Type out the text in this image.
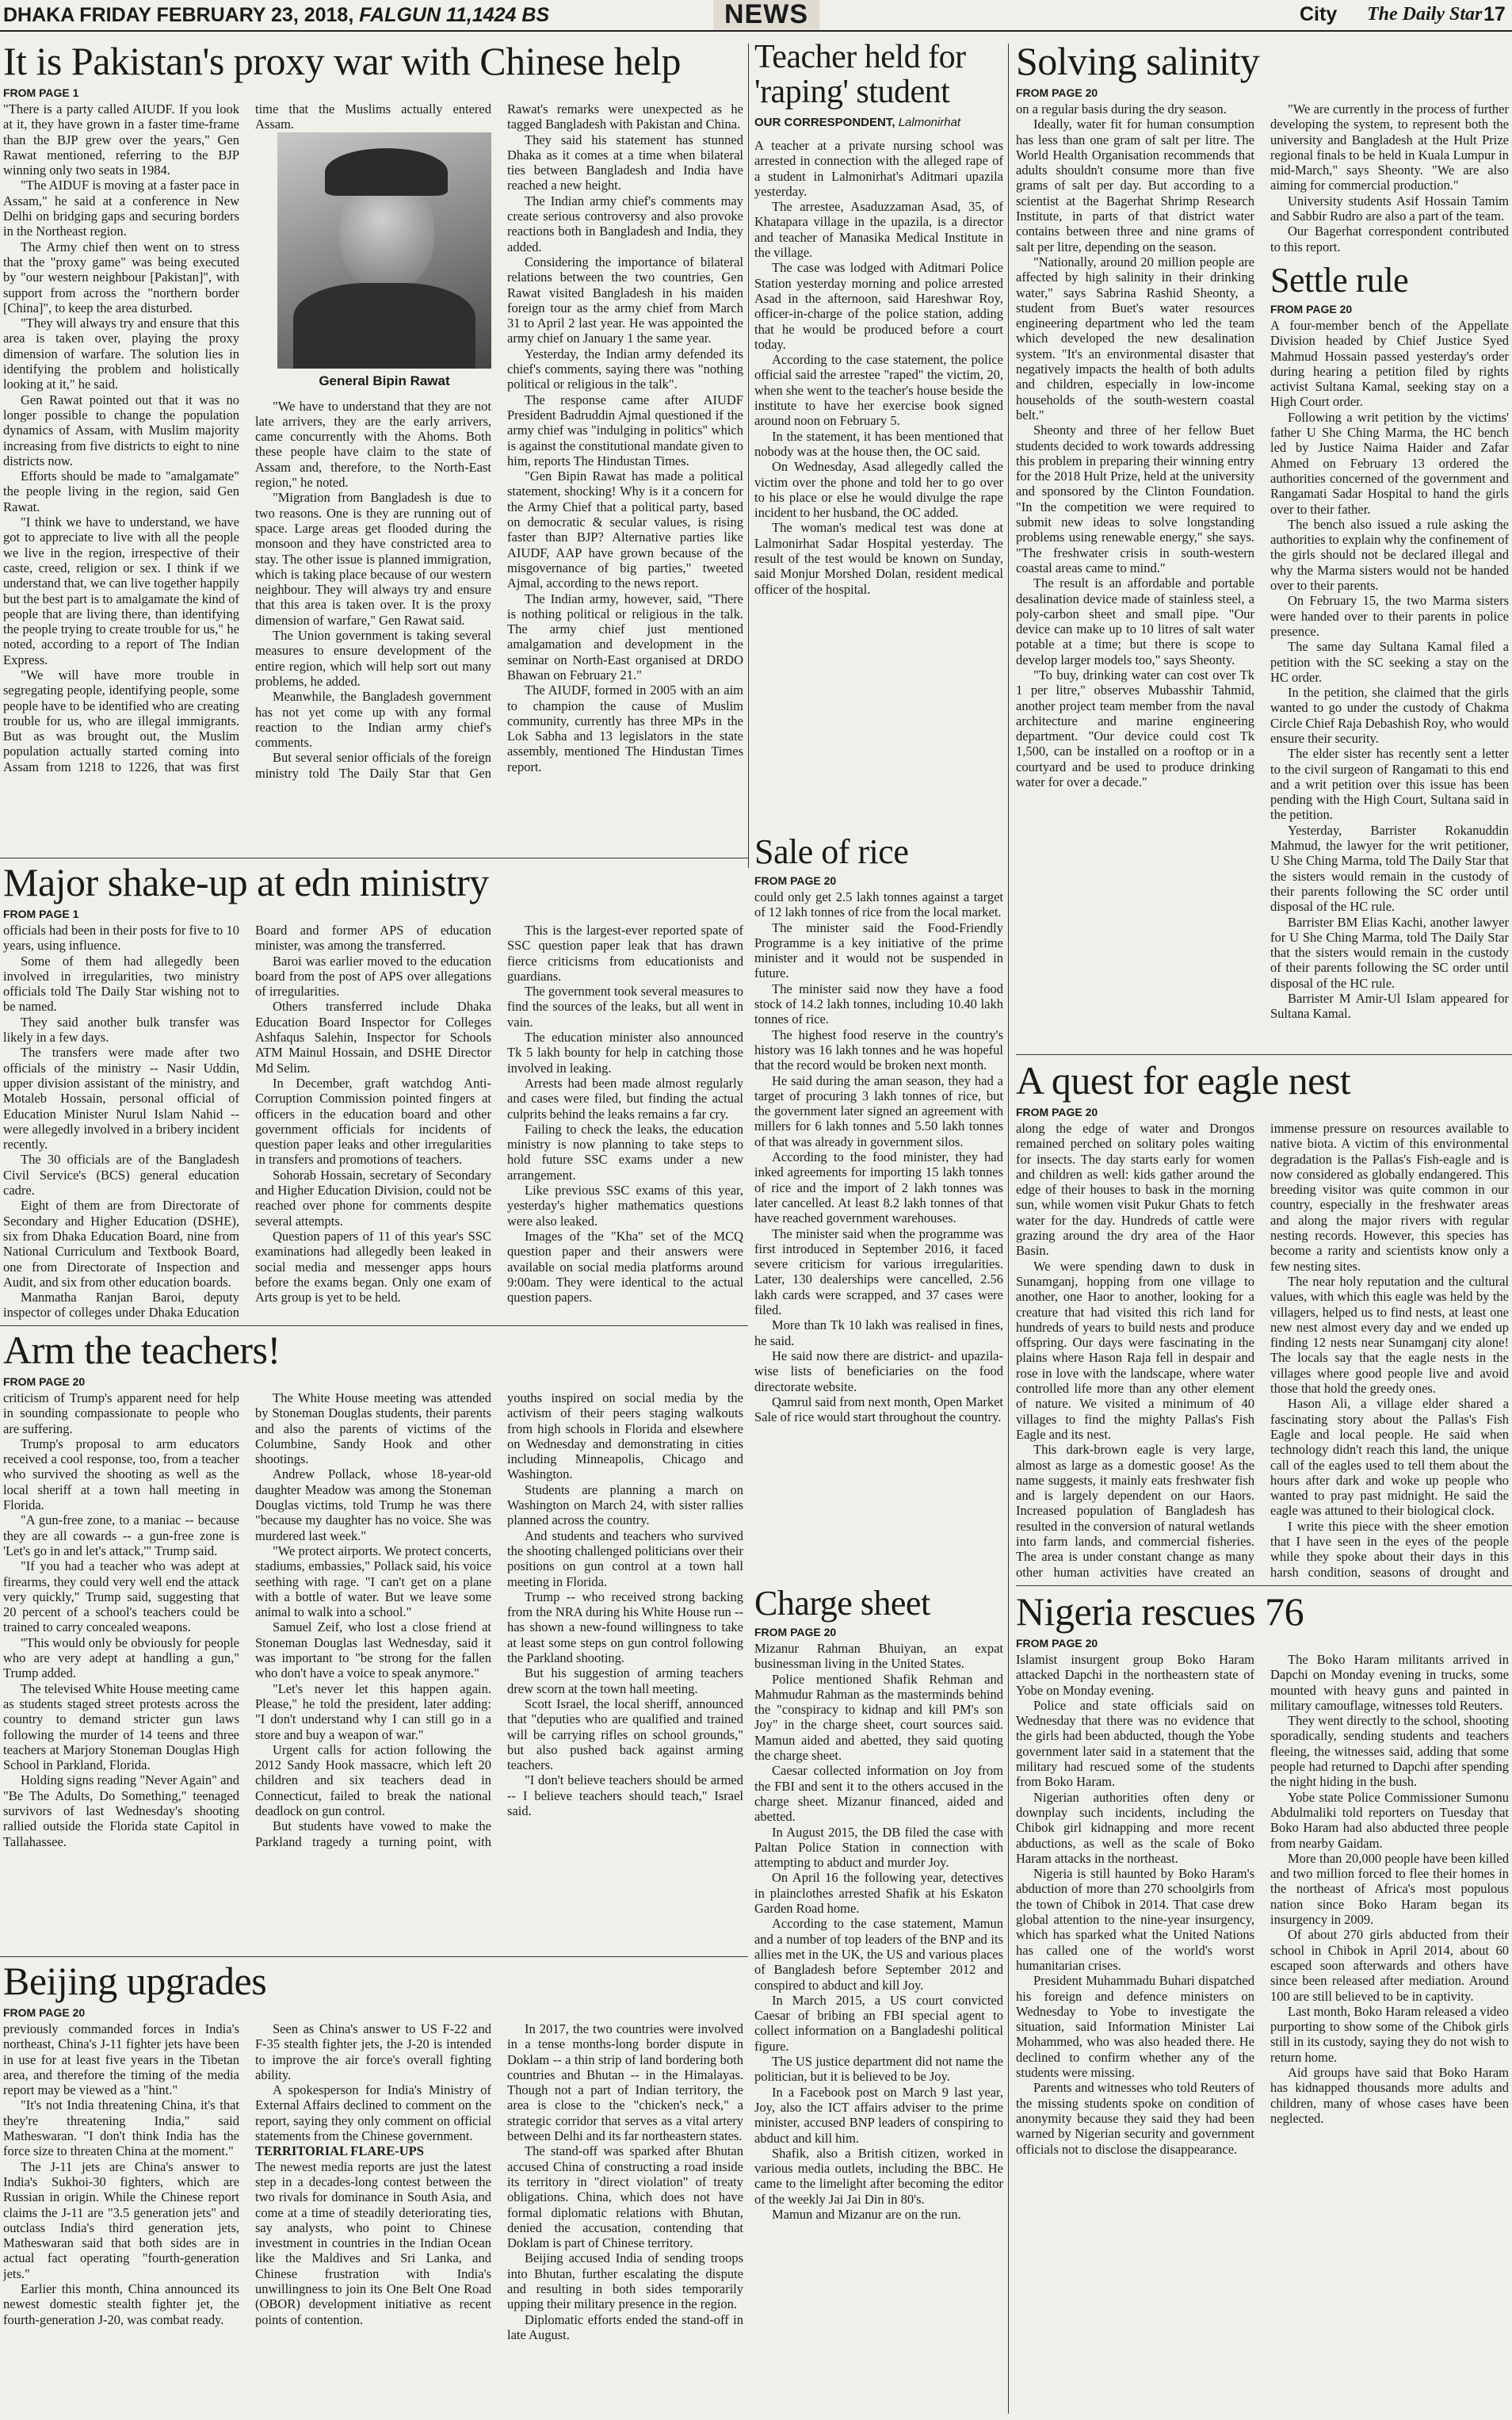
DHAKA FRIDAY FEBRUARY 23, 2018, FALGUN 11,1424 BS	NEWS	City The Daily Star 17
It is Pakistan's proxy war with Chinese help
FROM PAGE 1

"There is a party called AIUDF. If you look at it, they have grown in a faster time-frame than the BJP grew over the years," Gen Rawat mentioned, referring to the BJP winning only two seats in 1984.

"The AIDUF is moving at a faster pace in Assam," he said at a conference in New Delhi on bridging gaps and securing borders in the Northeast region.

The Army chief then went on to stress that the "proxy game" was being executed by "our western neighbour [Pakistan]", with support from across the "northern border [China]", to keep the area disturbed.

"They will always try and ensure that this area is taken over, playing the proxy dimension of warfare. The solution lies in identifying the problem and holistically looking at it," he said.

Gen Rawat pointed out that it was no longer possible to change the population dynamics of Assam, with Muslim majority increasing from five districts to eight to nine districts now.

Efforts should be made to "amalgamate" the people living in the region, said Gen Rawat.

"I think we have to understand, we have got to appreciate to live with all the people we live in the region, irrespective of their caste, creed, religion or sex. I think if we understand that, we can live together happily but the best part is to amalgamate the kind of people that are living there, than identifying the people trying to create trouble for us," he noted, according to a report of The Indian Express.

"We will have more trouble in segregating people, identifying people, some people have to be identified who are creating trouble for us, who are illegal immigrants. But as was brought out, the Muslim population actually started coming into Assam from 1218 to 1226, that was first time that the Muslims actually entered Assam.

General Bipin Rawat

"We have to understand that they are not late arrivers, they are the early arrivers, came concurrently with the Ahoms. Both these people have claim to the state of Assam and, therefore, to the North-East region," he noted.

"Migration from Bangladesh is due to two reasons. One is they are running out of space. Large areas get flooded during the monsoon and they have constricted area to stay. The other issue is planned immigration, which is taking place because of our western neighbour. They will always try and ensure that this area is taken over. It is the proxy dimension of warfare," Gen Rawat said.

The Union government is taking several measures to ensure development of the entire region, which will help sort out many problems, he added.

Meanwhile, the Bangladesh government has not yet come up with any formal reaction to the Indian army chief's comments.

But several senior officials of the foreign ministry told The Daily Star that Gen Rawat's remarks were unexpected as he tagged Bangladesh with Pakistan and China.

They said his statement has stunned Dhaka as it comes at a time when bilateral ties between Bangladesh and India have reached a new height.

The Indian army chief's comments may create serious controversy and also provoke reactions both in Bangladesh and India, they added.

Considering the importance of bilateral relations between the two countries, Gen Rawat visited Bangladesh in his maiden foreign tour as the army chief from March 31 to April 2 last year. He was appointed the army chief on January 1 the same year.

Yesterday, the Indian army defended its chief's comments, saying there was "nothing political or religious in the talk".

The response came after AIUDF President Badruddin Ajmal questioned if the army chief was "indulging in politics" which is against the constitutional mandate given to him, reports The Hindustan Times.

"Gen Bipin Rawat has made a political statement, shocking! Why is it a concern for the Army Chief that a political party, based on democratic & secular values, is rising faster than BJP? Alternative parties like AIUDF, AAP have grown because of the misgovernance of big parties," tweeted Ajmal, according to the news report.

The Indian army, however, said, "There is nothing political or religious in the talk. The army chief just mentioned amalgamation and development in the seminar on North-East organised at DRDO Bhawan on February 21."

The AIUDF, formed in 2005 with an aim to champion the cause of Muslim community, currently has three MPs in the Lok Sabha and 13 legislators in the state assembly, mentioned The Hindustan Times report.

Major shake-up at edn ministry
FROM PAGE 1

officials had been in their posts for five to 10 years, using influence.

Some of them had allegedly been involved in irregularities, two ministry officials told The Daily Star wishing not to be named.

They said another bulk transfer was likely in a few days.

The transfers were made after two officials of the ministry -- Nasir Uddin, upper division assistant of the ministry, and Motaleb Hossain, personal official of Education Minister Nurul Islam Nahid -- were allegedly involved in a bribery incident recently.

The 30 officials are of the Bangladesh Civil Service's (BCS) general education cadre.

Eight of them are from Directorate of Secondary and Higher Education (DSHE), six from Dhaka Education Board, nine from National Curriculum and Textbook Board, one from Directorate of Inspection and Audit, and six from other education boards.

Manmatha Ranjan Baroi, deputy inspector of colleges under Dhaka Education Board and former APS of education minister, was among the transferred.

Baroi was earlier moved to the education board from the post of APS over allegations of irregularities.

Others transferred include Dhaka Education Board Inspector for Colleges Ashfaqus Salehin, Inspector for Schools ATM Mainul Hossain, and DSHE Director Md Selim.

In December, graft watchdog Anti-Corruption Commission pointed fingers at officers in the education board and other government officials for incidents of question paper leaks and other irregularities in transfers and promotions of teachers.

Sohorab Hossain, secretary of Secondary and Higher Education Division, could not be reached over phone for comments despite several attempts.

Question papers of 11 of this year's SSC examinations had allegedly been leaked in social media and messenger apps hours before the exams began. Only one exam of Arts group is yet to be held.

This is the largest-ever reported spate of SSC question paper leak that has drawn fierce criticisms from educationists and guardians.

The government took several measures to find the sources of the leaks, but all went in vain.

The education minister also announced Tk 5 lakh bounty for help in catching those involved in leaking.

Arrests had been made almost regularly and cases were filed, but finding the actual culprits behind the leaks remains a far cry.

Failing to check the leaks, the education ministry is now planning to take steps to hold future SSC exams under a new arrangement.

Like previous SSC exams of this year, yesterday's higher mathematics questions were also leaked.

Images of the "Kha" set of the MCQ question paper and their answers were available on social media platforms around 9:00am. They were identical to the actual question papers.

Arm the teachers!
FROM PAGE 20

criticism of Trump's apparent need for help in sounding compassionate to people who are suffering.

Trump's proposal to arm educators received a cool response, too, from a teacher who survived the shooting as well as the local sheriff at a town hall meeting in Florida.

"A gun-free zone, to a maniac -- because they are all cowards -- a gun-free zone is 'Let's go in and let's attack,'" Trump said.

"If you had a teacher who was adept at firearms, they could very well end the attack very quickly," Trump said, suggesting that 20 percent of a school's teachers could be trained to carry concealed weapons.

"This would only be obviously for people who are very adept at handling a gun," Trump added.

The televised White House meeting came as students staged street protests across the country to demand stricter gun laws following the murder of 14 teens and three teachers at Marjory Stoneman Douglas High School in Parkland, Florida.

Holding signs reading "Never Again" and "Be The Adults, Do Something," teenaged survivors of last Wednesday's shooting rallied outside the Florida state Capitol in Tallahassee.

The White House meeting was attended by Stoneman Douglas students, their parents and also the parents of victims of the Columbine, Sandy Hook and other shootings.

Andrew Pollack, whose 18-year-old daughter Meadow was among the Stoneman Douglas victims, told Trump he was there "because my daughter has no voice. She was murdered last week."

"We protect airports. We protect concerts, stadiums, embassies," Pollack said, his voice seething with rage. "I can't get on a plane with a bottle of water. But we leave some animal to walk into a school."

Samuel Zeif, who lost a close friend at Stoneman Douglas last Wednesday, said it was important to "be strong for the fallen who don't have a voice to speak anymore."

"Let's never let this happen again. Please," he told the president, later adding: "I don't understand why I can still go in a store and buy a weapon of war."

Urgent calls for action following the 2012 Sandy Hook massacre, which left 20 children and six teachers dead in Connecticut, failed to break the national deadlock on gun control.

But students have vowed to make the Parkland tragedy a turning point, with youths inspired on social media by the activism of their peers staging walkouts from high schools in Florida and elsewhere on Wednesday and demonstrating in cities including Minneapolis, Chicago and Washington.

Students are planning a march on Washington on March 24, with sister rallies planned across the country.

And students and teachers who survived the shooting challenged politicians over their positions on gun control at a town hall meeting in Florida.

Trump -- who received strong backing from the NRA during his White House run -- has shown a new-found willingness to take at least some steps on gun control following the Parkland shooting.

But his suggestion of arming teachers drew scorn at the town hall meeting.

Scott Israel, the local sheriff, announced that "deputies who are qualified and trained will be carrying rifles on school grounds," but also pushed back against arming teachers.

"I don't believe teachers should be armed -- I believe teachers should teach," Israel said.

Beijing upgrades
FROM PAGE 20

previously commanded forces in India's northeast, China's J-11 fighter jets have been in use for at least five years in the Tibetan area, and therefore the timing of the media report may be viewed as a "hint."

"It's not India threatening China, it's that they're threatening India," said Matheswaran. "I don't think India has the force size to threaten China at the moment."

The J-11 jets are China's answer to India's Sukhoi-30 fighters, which are Russian in origin. While the Chinese report claims the J-11 are "3.5 generation jets" and outclass India's third generation jets, Matheswaran said that both sides are in actual fact operating "fourth-generation jets."

Earlier this month, China announced its newest domestic stealth fighter jet, the fourth-generation J-20, was combat ready.

Seen as China's answer to US F-22 and F-35 stealth fighter jets, the J-20 is intended to improve the air force's overall fighting ability.

A spokesperson for India's Ministry of External Affairs declined to comment on the report, saying they only comment on official statements from the Chinese government.

TERRITORIAL FLARE-UPS

The newest media reports are just the latest step in a decades-long contest between the two rivals for dominance in South Asia, and come at a time of steadily deteriorating ties, say analysts, who point to Chinese investment in countries in the Indian Ocean like the Maldives and Sri Lanka, and Chinese frustration with India's unwillingness to join its One Belt One Road (OBOR) development initiative as recent points of contention.

In 2017, the two countries were involved in a tense months-long border dispute in Doklam -- a thin strip of land bordering both countries and Bhutan -- in the Himalayas. Though not a part of Indian territory, the area is close to the "chicken's neck," a strategic corridor that serves as a vital artery between Delhi and its far northeastern states.

The stand-off was sparked after Bhutan accused China of constructing a road inside its territory in "direct violation" of treaty obligations. China, which does not have formal diplomatic relations with Bhutan, denied the accusation, contending that Doklam is part of Chinese territory.

Beijing accused India of sending troops into Bhutan, further escalating the dispute and resulting in both sides temporarily upping their military presence in the region.

Diplomatic efforts ended the stand-off in late August.

Teacher held for 'raping' student
OUR CORRESPONDENT, Lalmonirhat

A teacher at a private nursing school was arrested in connection with the alleged rape of a student in Lalmonirhat's Aditmari upazila yesterday.

The arrestee, Asaduzzaman Asad, 35, of Khatapara village in the upazila, is a director and teacher of Manasika Medical Institute in the village.

The case was lodged with Aditmari Police Station yesterday morning and police arrested Asad in the afternoon, said Hareshwar Roy, officer-in-charge of the police station, adding that he would be produced before a court today.

According to the case statement, the police official said the arrestee "raped" the victim, 20, when she went to the teacher's house beside the institute to have her exercise book signed around noon on February 5.

In the statement, it has been mentioned that nobody was at the house then, the OC said.

On Wednesday, Asad allegedly called the victim over the phone and told her to go over to his place or else he would divulge the rape incident to her husband, the OC added.

The woman's medical test was done at Lalmonirhat Sadar Hospital yesterday. The result of the test would be known on Sunday, said Monjur Morshed Dolan, resident medical officer of the hospital.

Sale of rice
FROM PAGE 20

could only get 2.5 lakh tonnes against a target of 12 lakh tonnes of rice from the local market.

The minister said the Food-Friendly Programme is a key initiative of the prime minister and it would not be suspended in future.

The minister said now they have a food stock of 14.2 lakh tonnes, including 10.40 lakh tonnes of rice.

The highest food reserve in the country's history was 16 lakh tonnes and he was hopeful that the record would be broken next month.

He said during the aman season, they had a target of procuring 3 lakh tonnes of rice, but the government later signed an agreement with millers for 6 lakh tonnes and 5.50 lakh tonnes of that was already in government silos.

According to the food minister, they had inked agreements for importing 15 lakh tonnes of rice and the import of 2 lakh tonnes was later cancelled. At least 8.2 lakh tonnes of that have reached government warehouses.

The minister said when the programme was first introduced in September 2016, it faced severe criticism for various irregularities. Later, 130 dealerships were cancelled, 2.56 lakh cards were scrapped, and 37 cases were filed.

More than Tk 10 lakh was realised in fines, he said.

He said now there are district- and upazila-wise lists of beneficiaries on the food directorate website.

Qamrul said from next month, Open Market Sale of rice would start throughout the country.

Charge sheet
FROM PAGE 20

Mizanur Rahman Bhuiyan, an expat businessman living in the United States.

Police mentioned Shafik Rehman and Mahmudur Rahman as the masterminds behind the "conspiracy to kidnap and kill PM's son Joy" in the charge sheet, court sources said. Mamun aided and abetted, they said quoting the charge sheet.

Caesar collected information on Joy from the FBI and sent it to the others accused in the charge sheet. Mizanur financed, aided and abetted.

In August 2015, the DB filed the case with Paltan Police Station in connection with attempting to abduct and murder Joy.

On April 16 the following year, detectives in plainclothes arrested Shafik at his Eskaton Garden Road home.

According to the case statement, Mamun and a number of top leaders of the BNP and its allies met in the UK, the US and various places of Bangladesh before September 2012 and conspired to abduct and kill Joy.

In March 2015, a US court convicted Caesar of bribing an FBI special agent to collect information on a Bangladeshi political figure.

The US justice department did not name the politician, but it is believed to be Joy.

In a Facebook post on March 9 last year, Joy, also the ICT affairs adviser to the prime minister, accused BNP leaders of conspiring to abduct and kill him.

Shafik, also a British citizen, worked in various media outlets, including the BBC. He came to the limelight after becoming the editor of the weekly Jai Jai Din in 80's.

Mamun and Mizanur are on the run.

Solving salinity
FROM PAGE 20

on a regular basis during the dry season.

Ideally, water fit for human consumption has less than one gram of salt per litre. The World Health Organisation recommends that adults shouldn't consume more than five grams of salt per day. But according to a scientist at the Bagerhat Shrimp Research Institute, in parts of that district water contains between three and nine grams of salt per litre, depending on the season.

"Nationally, around 20 million people are affected by high salinity in their drinking water," says Sabrina Rashid Sheonty, a student from Buet's water resources engineering department who led the team which developed the new desalination system. "It's an environmental disaster that negatively impacts the health of both adults and children, especially in low-income households of the south-western coastal belt."

Sheonty and three of her fellow Buet students decided to work towards addressing this problem in preparing their winning entry for the 2018 Hult Prize, held at the university and sponsored by the Clinton Foundation. "In the competition we were required to submit new ideas to solve longstanding problems using renewable energy," she says. "The freshwater crisis in south-western coastal areas came to mind."

The result is an affordable and portable desalination device made of stainless steel, a poly-carbon sheet and small pipe. "Our device can make up to 10 litres of salt water potable at a time; but there is scope to develop larger models too," says Sheonty.

"To buy, drinking water can cost over Tk 1 per litre," observes Mubasshir Tahmid, another project team member from the naval architecture and marine engineering department. "Our device could cost Tk 1,500, can be installed on a rooftop or in a courtyard and be used to produce drinking water for over a decade."

"We are currently in the process of further developing the system, to represent both the university and Bangladesh at the Hult Prize regional finals to be held in Kuala Lumpur in mid-March," says Sheonty. "We are also aiming for commercial production."

University students Asif Hossain Tamim and Sabbir Rudro are also a part of the team.

Our Bagerhat correspondent contributed to this report.

Settle rule
FROM PAGE 20

A four-member bench of the Appellate Division headed by Chief Justice Syed Mahmud Hossain passed yesterday's order during hearing a petition filed by rights activist Sultana Kamal, seeking stay on a High Court order.

Following a writ petition by the victims' father U She Ching Marma, the HC bench led by Justice Naima Haider and Zafar Ahmed on February 13 ordered the authorities concerned of the government and Rangamati Sadar Hospital to hand the girls over to their father.

The bench also issued a rule asking the authorities to explain why the confinement of the girls should not be declared illegal and why the Marma sisters would not be handed over to their parents.

On February 15, the two Marma sisters were handed over to their parents in police presence.

The same day Sultana Kamal filed a petition with the SC seeking a stay on the HC order.

In the petition, she claimed that the girls wanted to go under the custody of Chakma Circle Chief Raja Debashish Roy, who would ensure their security.

The elder sister has recently sent a letter to the civil surgeon of Rangamati to this end and a writ petition over this issue has been pending with the High Court, Sultana said in the petition.

Yesterday, Barrister Rokanuddin Mahmud, the lawyer for the writ petitioner, U She Ching Marma, told The Daily Star that the sisters would remain in the custody of their parents following the SC order until disposal of the HC rule.

Barrister BM Elias Kachi, another lawyer for U She Ching Marma, told The Daily Star that the sisters would remain in the custody of their parents following the SC order until disposal of the HC rule.

Barrister M Amir-Ul Islam appeared for Sultana Kamal.

A quest for eagle nest
FROM PAGE 20

along the edge of water and Drongos remained perched on solitary poles waiting for insects. The day starts early for women and children as well: kids gather around the edge of their houses to bask in the morning sun, while women visit Pukur Ghats to fetch water for the day. Hundreds of cattle were grazing around the dry area of the Haor Basin.

We were spending dawn to dusk in Sunamganj, hopping from one village to another, one Haor to another, looking for a creature that had visited this rich land for hundreds of years to build nests and produce offspring. Our days were fascinating in the plains where Hason Raja fell in despair and rose in love with the landscape, where water controlled life more than any other element of nature. We visited a minimum of 40 villages to find the mighty Pallas's Fish Eagle and its nest.

This dark-brown eagle is very large, almost as large as a domestic goose! As the name suggests, it mainly eats freshwater fish and is largely dependent on our Haors. Increased population of Bangladesh has resulted in the conversion of natural wetlands into farm lands, and commercial fisheries. The area is under constant change as many other human activities have created an immense pressure on resources available to native biota. A victim of this environmental degradation is the Pallas's Fish-eagle and is now considered as globally endangered. This breeding visitor was quite common in our country, especially in the freshwater areas and along the major rivers with regular nesting records. However, this species has become a rarity and scientists know only a few nesting sites.

The near holy reputation and the cultural values, with which this eagle was held by the villagers, helped us to find nests, at least one new nest almost every day and we ended up finding 12 nests near Sunamganj city alone! The locals say that the eagle nests in the villages where good people live and avoid those that hold the greedy ones.

Hason Ali, a village elder shared a fascinating story about the Pallas's Fish Eagle and local people. He said when technology didn't reach this land, the unique call of the eagles used to tell them about the hours after dark and woke up people who wanted to pray past midnight. He said the eagle was attuned to their biological clock.

I write this piece with the sheer emotion that I have seen in the eyes of the people while they spoke about their days in this harsh condition, seasons of drought and

Nigeria rescues 76
FROM PAGE 20

Islamist insurgent group Boko Haram attacked Dapchi in the northeastern state of Yobe on Monday evening.

Police and state officials said on Wednesday that there was no evidence that the girls had been abducted, though the Yobe government later said in a statement that the military had rescued some of the students from Boko Haram.

Nigerian authorities often deny or downplay such incidents, including the Chibok girl kidnapping and more recent abductions, as well as the scale of Boko Haram attacks in the northeast.

Nigeria is still haunted by Boko Haram's abduction of more than 270 schoolgirls from the town of Chibok in 2014. That case drew global attention to the nine-year insurgency, which has sparked what the United Nations has called one of the world's worst humanitarian crises.

President Muhammadu Buhari dispatched his foreign and defence ministers on Wednesday to Yobe to investigate the situation, said Information Minister Lai Mohammed, who was also headed there. He declined to confirm whether any of the students were missing.

Parents and witnesses who told Reuters of the missing students spoke on condition of anonymity because they said they had been warned by Nigerian security and government officials not to disclose the disappearance.

The Boko Haram militants arrived in Dapchi on Monday evening in trucks, some mounted with heavy guns and painted in military camouflage, witnesses told Reuters.

They went directly to the school, shooting sporadically, sending students and teachers fleeing, the witnesses said, adding that some people had returned to Dapchi after spending the night hiding in the bush.

Yobe state Police Commissioner Sumonu Abdulmaliki told reporters on Tuesday that Boko Haram had also abducted three people from nearby Gaidam.

More than 20,000 people have been killed and two million forced to flee their homes in the northeast of Africa's most populous nation since Boko Haram began its insurgency in 2009.

Of about 270 girls abducted from their school in Chibok in April 2014, about 60 escaped soon afterwards and others have since been released after mediation. Around 100 are still believed to be in captivity.

Last month, Boko Haram released a video purporting to show some of the Chibok girls still in its custody, saying they do not wish to return home.

Aid groups have said that Boko Haram has kidnapped thousands more adults and children, many of whose cases have been neglected.
